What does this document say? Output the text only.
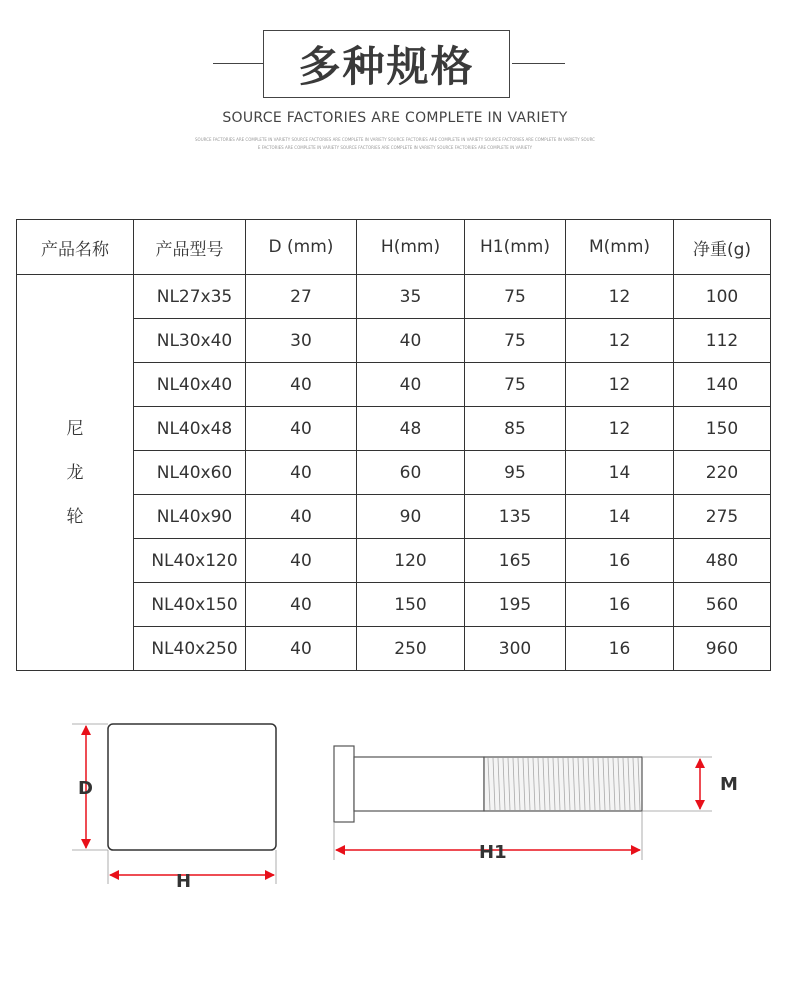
多种规格
SOURCE FACTORIES ARE COMPLETE IN VARIETY
SOURCE FACTORIES ARE COMPLETE IN VARIETY SOURCE FACTORIES ARE COMPLETE IN VARIETY SOURCE FACTORIES ARE COMPLETE IN VARIETY SOURCE FACTORIES ARE COMPLETE IN VARIETY SOURC
E FACTORIES ARE COMPLETE IN VARIETY SOURCE FACTORIES ARE COMPLETE IN VARIETY SOURCE FACTORIES ARE COMPLETE IN VARIETY
产品名称	产品型号	D (mm)	H(mm)	H1(mm)	M(mm)	净重(g)

尼
龙
轮	NL27x35	27	35	75	12	100
	NL30x40	30	40	75	12	112
	NL40x40	40	40	75	12	140
	NL40x48	40	48	85	12	150
	NL40x60	40	60	95	14	220
	NL40x90	40	90	135	14	275
	NL40x120	40	120	165	16	480
	NL40x150	40	150	195	16	560
	NL40x250	40	250	300	16	960
D
H
M
H1
